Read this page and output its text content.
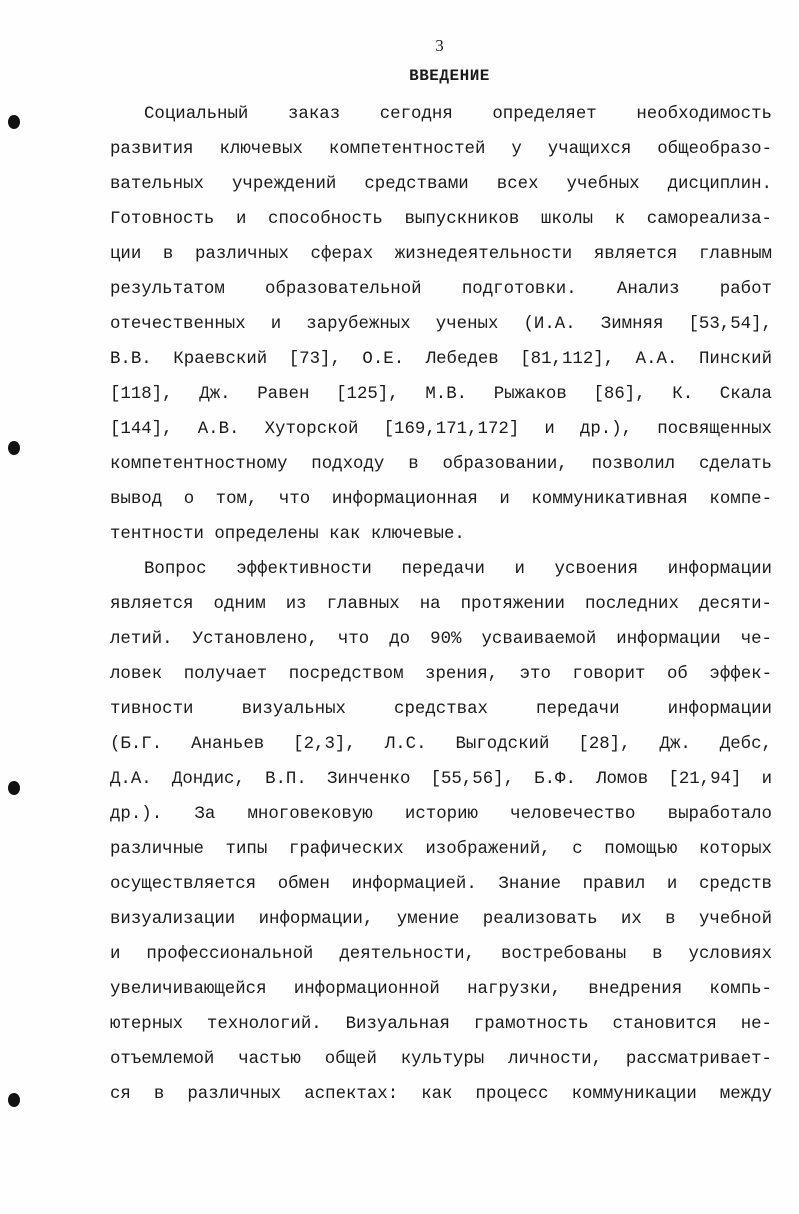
3
ВВЕДЕНИЕ
Социальный заказ сегодня определяет необходимость
развития ключевых компетентностей у учащихся общеобразо-
вательных учреждений средствами всех учебных дисциплин.
Готовность и способность выпускников школы к самореализа-
ции в различных сферах жизнедеятельности является главным
результатом образовательной подготовки. Анализ работ
отечественных и зарубежных ученых (И.А. Зимняя [53,54],
В.В. Краевский [73], О.Е. Лебедев [81,112], А.А. Пинский
[118], Дж. Равен [125], М.В. Рыжаков [86], К. Скала
[144], А.В. Хуторской [169,171,172] и др.), посвященных
компетентностному подходу в образовании, позволил сделать
вывод о том, что информационная и коммуникативная компе-
тентности определены как ключевые.
Вопрос эффективности передачи и усвоения информации
является одним из главных на протяжении последних десяти-
летий. Установлено, что до 90% усваиваемой информации че-
ловек получает посредством зрения, это говорит об эффек-
тивности визуальных средствах передачи информации
(Б.Г. Ананьев [2,3], Л.С. Выгодский [28], Дж. Дебс,
Д.А. Дондис, В.П. Зинченко [55,56], Б.Ф. Ломов [21,94] и
др.). За многовековую историю человечество выработало
различные типы графических изображений, с помощью которых
осуществляется обмен информацией. Знание правил и средств
визуализации информации, умение реализовать их в учебной
и профессиональной деятельности, востребованы в условиях
увеличивающейся информационной нагрузки, внедрения компь-
ютерных технологий. Визуальная грамотность становится не-
отъемлемой частью общей культуры личности, рассматривает-
ся в различных аспектах: как процесс коммуникации между
